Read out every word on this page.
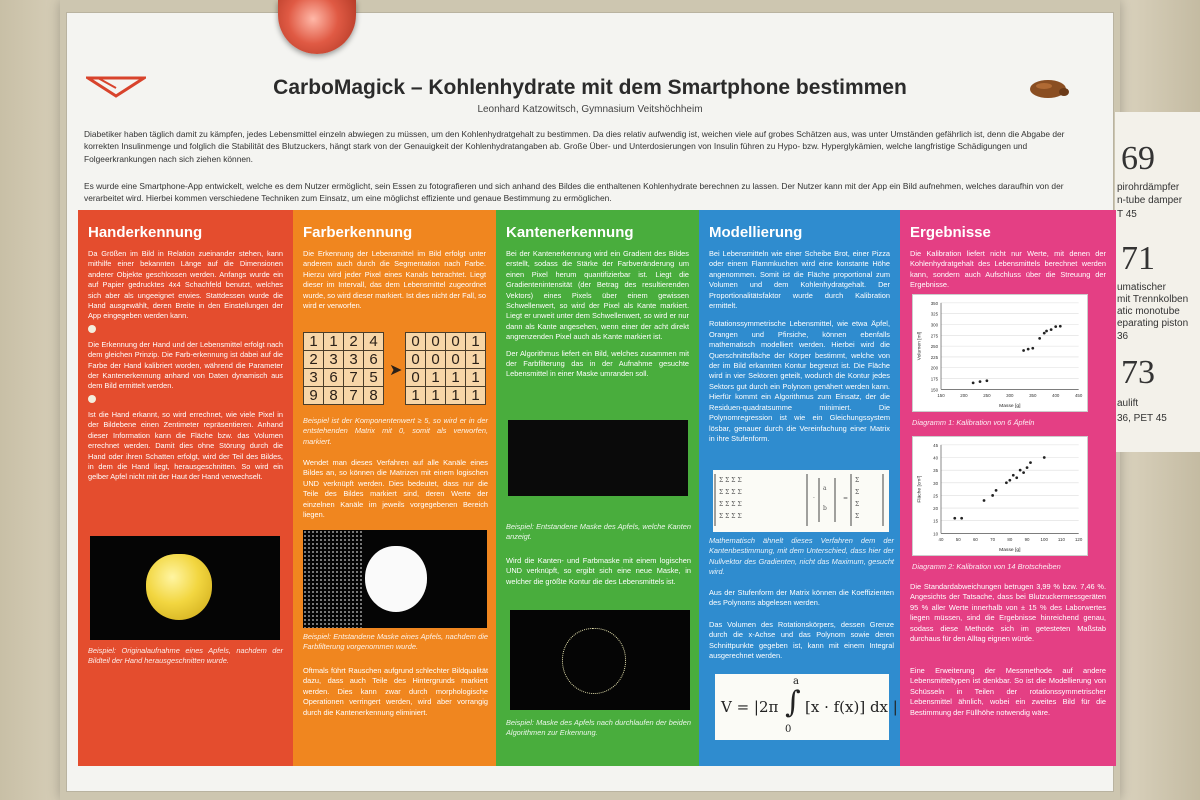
69
pirohrdämpfer
n-tube damper
T 45
71
umatischer
mit Trennkolben
atic monotube
eparating piston
36
73
aulift
36, PET 45
CarboMagick – Kohlenhydrate mit dem Smartphone bestimmen
Leonhard Katzowitsch, Gymnasium Veitshöchheim
Diabetiker haben täglich damit zu kämpfen, jedes Lebensmittel einzeln abwiegen zu müssen, um den Kohlenhydratgehalt zu bestimmen. Da dies relativ aufwendig ist, weichen viele auf grobes Schätzen aus, was unter Umständen gefährlich ist, denn die Abgabe der korrekten Insulinmenge und folglich die Stabilität des Blutzuckers, hängt stark von der Genauigkeit der Kohlenhydratangaben ab. Große Über- und Unterdosierungen von Insulin führen zu Hypo- bzw. Hyperglykämien, welche langfristige Schädigungen und Folgeerkrankungen nach sich ziehen können.
Es wurde eine Smartphone-App entwickelt, welche es dem Nutzer ermöglicht, sein Essen zu fotografieren und sich anhand des Bildes die enthaltenen Kohlenhydrate berechnen zu lassen. Der Nutzer kann mit der App ein Bild aufnehmen, welches daraufhin von der verarbeitet wird. Hierbei kommen verschiedene Techniken zum Einsatz, um eine möglichst effiziente und genaue Bestimmung zu ermöglichen.
Handerkennung

Da Größen im Bild in Relation zueinander stehen, kann mithilfe einer bekannten Länge auf die Dimensionen anderer Objekte geschlossen werden. Anfangs wurde ein auf Papier gedrucktes 4x4 Schachfeld benutzt, welches sich aber als ungeeignet erwies. Stattdessen wurde die Hand ausgewählt, deren Breite in den Einstellungen der App eingegeben werden kann.

Die Erkennung der Hand und der Lebensmittel erfolgt nach dem gleichen Prinzip. Die Farb-erkennung ist dabei auf die Farbe der Hand kalibriert worden, während die Parameter der Kantenerkennung anhand von Daten dynamisch aus dem Bild ermittelt werden.

Ist die Hand erkannt, so wird errechnet, wie viele Pixel in der Bildebene einen Zentimeter repräsentieren. Anhand dieser Information kann die Fläche bzw. das Volumen errechnet werden. Damit dies ohne Störung durch die Hand oder ihren Schatten erfolgt, wird der Teil des Bildes, in dem die Hand liegt, herausgeschnitten. So wird ein gelber Apfel nicht mit der Haut der Hand verwechselt.

Beispiel: Originalaufnahme eines Apfels, nachdem der Bildteil der Hand herausgeschnitten wurde.

Farberkennung

Die Erkennung der Lebensmittel im Bild erfolgt unter anderem auch durch die Segmentation nach Farbe. Hierzu wird jeder Pixel eines Kanals betrachtet. Liegt dieser im Intervall, das dem Lebensmittel zugeordnet wurde, so wird dieser markiert. Ist dies nicht der Fall, so wird er verworfen.

1	1	2	4
2	3	3	6
3	6	7	5
9	8	7	8
➤
0	0	0	1
0	0	0	1
0	1	1	1
1	1	1	1

Beispiel ist der Komponentenwert ≥ 5, so wird er in der entstehenden Matrix mit 0, somit als verworfen, markiert.

Wendet man dieses Verfahren auf alle Kanäle eines Bildes an, so können die Matrizen mit einem logischen UND verknüpft werden. Dies bedeutet, dass nur die Teile des Bildes markiert sind, deren Werte der einzelnen Kanäle im jeweils vorgegebenen Bereich liegen.

Beispiel: Entstandene Maske eines Apfels, nachdem die Farbfilterung vorgenommen wurde.

Oftmals führt Rauschen aufgrund schlechter Bildqualität dazu, dass auch Teile des Hintergrunds markiert werden. Dies kann zwar durch morphologische Operationen verringert werden, wird aber vorrangig durch die Kantenerkennung eliminiert.

Kantenerkennung

Bei der Kantenerkennung wird ein Gradient des Bildes erstellt, sodass die Stärke der Farbveränderung um einen Pixel herum quantifizierbar ist. Liegt die Gradientenintensität (der Betrag des resultierenden Vektors) eines Pixels über einem gewissen Schwellenwert, so wird der Pixel als Kante markiert. Liegt er unweit unter dem Schwellenwert, so wird er nur dann als Kante angesehen, wenn einer der acht direkt angrenzenden Pixel auch als Kante markiert ist.

Der Algorithmus liefert ein Bild, welches zusammen mit der Farbfilterung das in der Aufnahme gesuchte Lebensmittel in einer Maske umranden soll.

Beispiel: Entstandene Maske des Apfels, welche Kanten anzeigt.

Wird die Kanten- und Farbmaske mit einem logischen UND verknüpft, so ergibt sich eine neue Maske, in welcher die größte Kontur die des Lebensmittels ist.

Beispiel: Maske des Apfels nach durchlaufen der beiden Algorithmen zur Erkennung.

Modellierung

Bei Lebensmitteln wie einer Scheibe Brot, einer Pizza oder einem Flammkuchen wird eine konstante Höhe angenommen. Somit ist die Fläche proportional zum Volumen und dem Kohlenhydratgehalt. Der Proportionalitätsfaktor wurde durch Kalibration ermittelt.

Rotationssymmetrische Lebensmittel, wie etwa Äpfel, Orangen und Pfirsiche, können ebenfalls mathematisch modelliert werden. Hierbei wird die Querschnittsfläche der Körper bestimmt, welche von der im Bild erkannten Kontur begrenzt ist. Die Fläche wird in vier Sektoren geteilt, wodurch die Kontur jedes Sektors gut durch ein Polynom genähert werden kann. Hierfür kommt ein Algorithmus zum Einsatz, der die Residuen-quadratsumme minimiert. Die Polynomregression ist wie ein Gleichungssystem lösbar, genauer durch die Vereinfachung einer Matrix in ihre Stufenform.

Σ Σ Σ Σ
Σ Σ Σ Σ
Σ Σ Σ Σ
Σ Σ Σ Σ
·
a
b
=
Σ
Σ
Σ
Σ

Mathematisch ähnelt dieses Verfahren dem der Kantenbestimmung, mit dem Unterschied, dass hier der Nullvektor des Gradienten, nicht das Maximum, gesucht wird.

Aus der Stufenform der Matrix können die Koeffizienten des Polynoms abgelesen werden.

Das Volumen des Rotationskörpers, dessen Grenze durch die x-Achse und das Polynom sowie deren Schnittpunkte gegeben ist, kann mit einem Integral ausgerechnet werden.

V = |2π ∫
a
0
[x · f(x)] dx |
Ergebnisse

Die Kalibration liefert nicht nur Werte, mit denen der Kohlenhydratgehalt des Lebensmittels berechnet werden kann, sondern auch Aufschluss über die Streuung der Ergebnisse.

150
175
200
225
250
275
300
325
350
150	200	250	300	350	400	450
Masse [g]
Volumen [ml]

Diagramm 1: Kalibration von 6 Äpfeln

10
15
20
25
30
35
40
45
40	50	60	70	80	90 100 110 120
Masse [g]
Fläche [cm²]

Diagramm 2: Kalibration von 14 Brotscheiben

Die Standardabweichungen betrugen 3,99 % bzw. 7,46 %. Angesichts der Tatsache, dass bei Blutzuckermessgeräten 95 % aller Werte innerhalb von ± 15 % des Laborwertes liegen müssen, sind die Ergebnisse hinreichend genau, sodass diese Methode sich im getesteten Maßstab durchaus für den Alltag eignen würde.

Eine Erweiterung der Messmethode auf andere Lebensmitteltypen ist denkbar. So ist die Modellierung von Schüsseln in Teilen der rotationssymmetrischer Lebensmittel ähnlich, wobei ein zweites Bild für die Bestimmung der Füllhöhe notwendig wäre.
